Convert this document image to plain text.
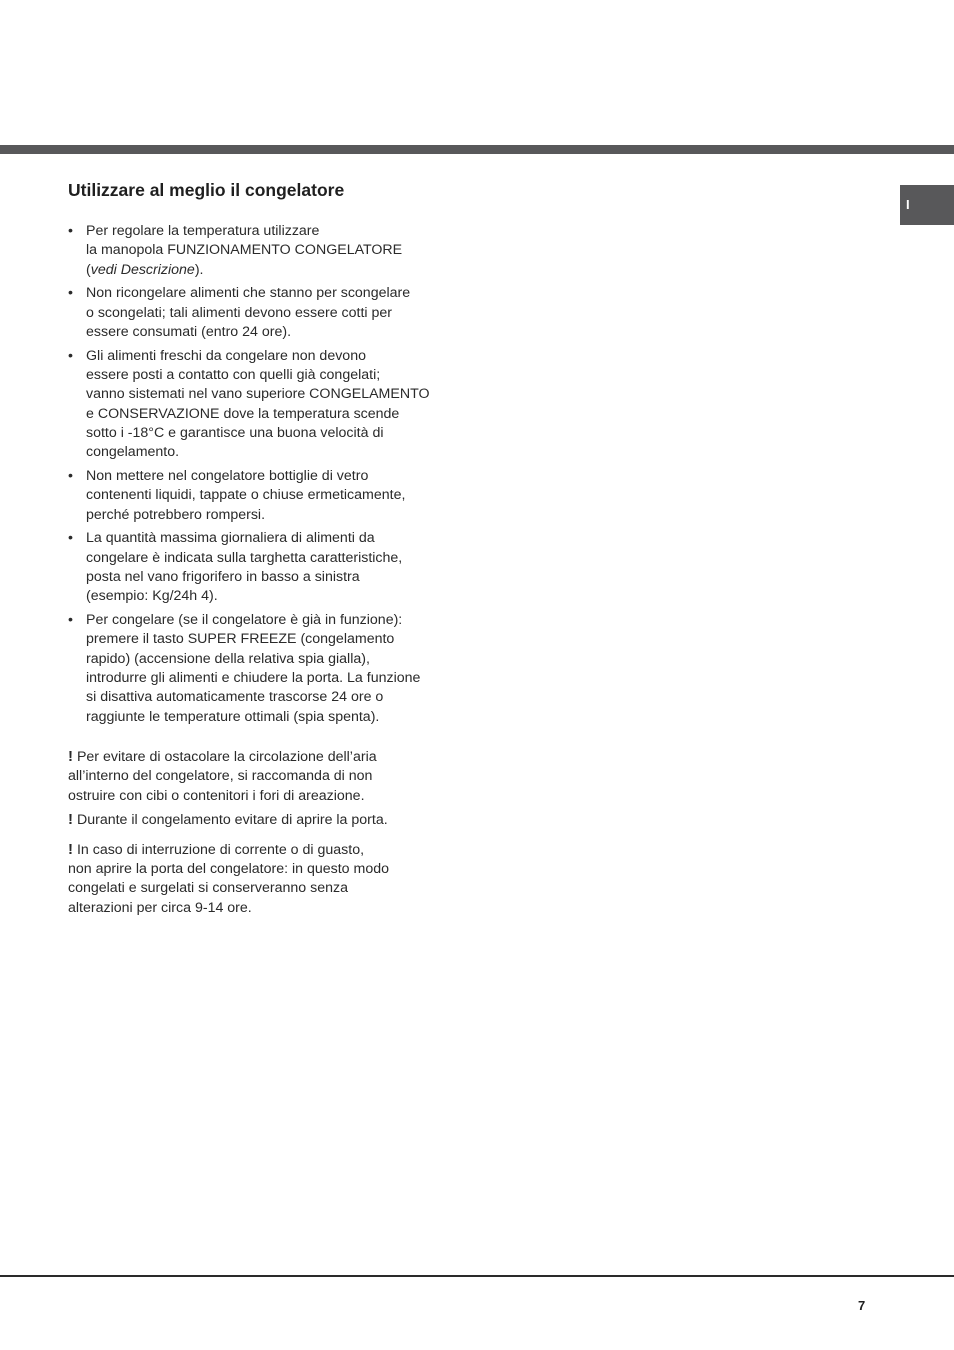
I
Utilizzare al meglio il congelatore
• Per regolare la temperatura utilizzare
la manopola FUNZIONAMENTO CONGELATORE
(vedi Descrizione).
• Non ricongelare alimenti che stanno per scongelare
o scongelati; tali alimenti devono essere cotti per
essere consumati (entro 24 ore).
• Gli alimenti freschi da congelare non devono
essere posti a contatto con quelli già congelati;
vanno sistemati nel vano superiore CONGELAMENTO
e CONSERVAZIONE dove la temperatura scende
sotto i -18°C e garantisce una buona velocità di
congelamento.
• Non mettere nel congelatore bottiglie di vetro
contenenti liquidi, tappate o chiuse ermeticamente,
perché potrebbero rompersi.
• La quantità massima giornaliera di alimenti da
congelare è indicata sulla targhetta caratteristiche,
posta nel vano frigorifero in basso a sinistra
(esempio: Kg/24h 4).
• Per congelare (se il congelatore è già in funzione):
premere il tasto SUPER FREEZE (congelamento
rapido) (accensione della relativa spia gialla),
introdurre gli alimenti e chiudere la porta. La funzione
si disattiva automaticamente trascorse 24 ore o
raggiunte le temperature ottimali (spia spenta).
! Per evitare di ostacolare la circolazione dell’aria
all’interno del congelatore, si raccomanda di non
ostruire con cibi o contenitori i fori di areazione.
! Durante il congelamento evitare di aprire la porta.
! In caso di interruzione di corrente o di guasto,
non aprire la porta del congelatore: in questo modo
congelati e surgelati si conserveranno senza
alterazioni per circa 9-14 ore.
7
